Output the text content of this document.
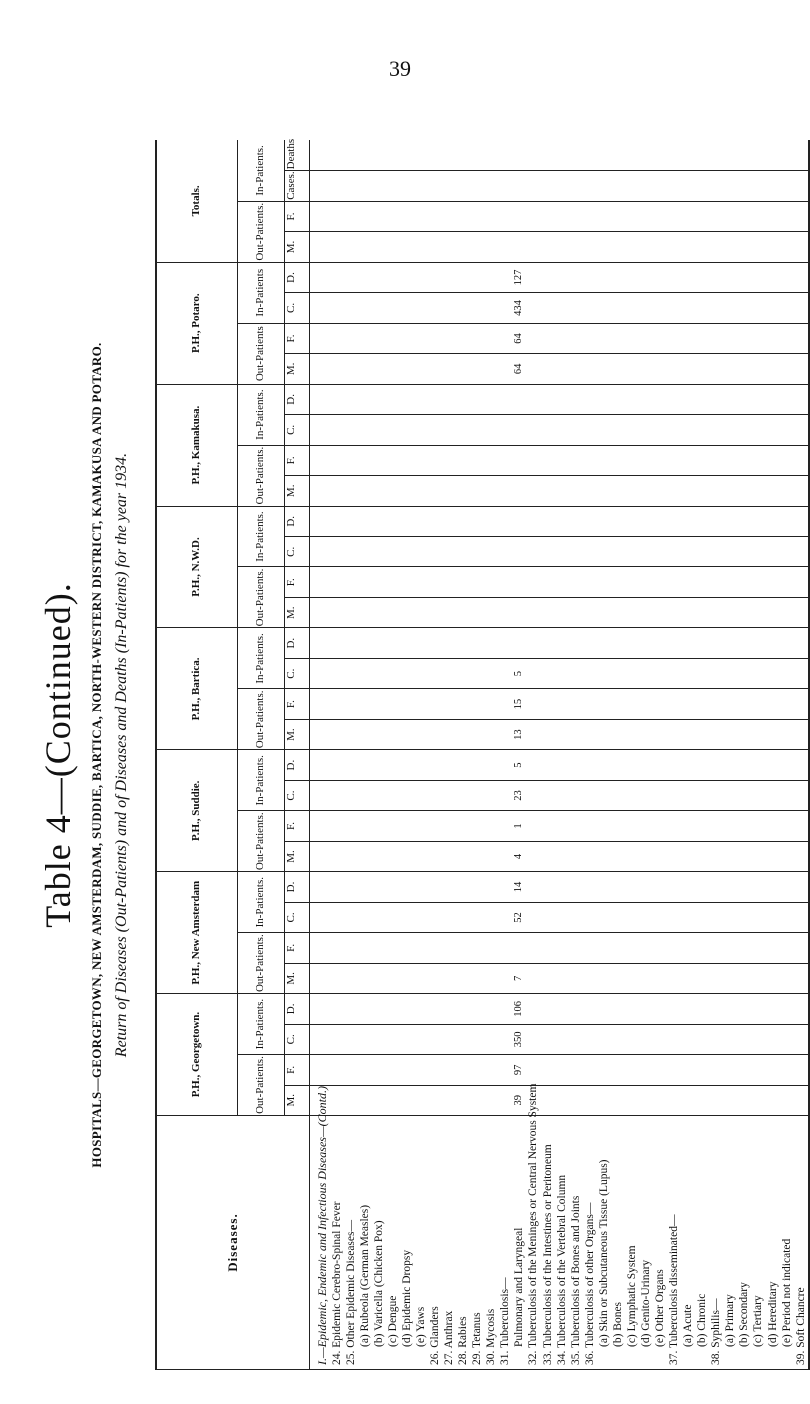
39
Table 4—(Continued). HOSPITALS—GEORGETOWN, NEW AMSTERDAM, SUDDIE, BARTICA, NORTH-WESTERN DISTRICT, KAMAKUSA AND POTARO. Return of Diseases (Out-Patients) and of Diseases and Deaths (In-Patients) for the year 1934.
Diseases.	P.H., Georgetown.				P.H., New Amsterdam				P.H., Suddie.				P.H., Bartica.				P.H., N.W.D.				P.H., Kamakusa.				P.H., Potaro.				Totals.			
	Out-Patients.		In-Patients.		Out-Patients.		In-Patients.		Out-Patients.		In-Patients.		Out-Patients.		In-Patients.		Out-Patients.		In-Patients.		Out-Patients.		In-Patients.		Out-Patients		In-Patients		Out-Patients.		In-Patients.	
	M.	F.	C.	D.	M.	F.	C.	D.	M.	F.	C.	D.	M.	F.	C.	D.	M.	F.	C.	D.	M.	F.	C.	D.	M.	F.	C.	D.	M.	F.	Cases.	Deaths
I.—Epidemic, Endemic and Infectious Diseases—(Contd.)																																
24. Epidemic Cerebro-Spinal Fever																																
25. Other Epidemic Diseases—																																
(a) Rubeola (German Measles)																																
(b) Varicella (Chicken Pox)																																
(c) Dengue																																
(d) Epidemic Dropsy																																
(e) Yaws																																
26. Glanders																																
27. Anthrax																																
28. Rabies																																
29. Tetanus																																
30. Mycosis																																
31. Tuberculosis—																																
Pulmonary and Laryngeal	39	97	350	106	7		52	14	4	1	23	5	13	15	5										64	64	434	127				
32. Tuberculosis of the Meninges or Central Nervous System																																
33. Tuberculosis of the Intestines or Peritoneum																																
34. Tuberculosis of the Vertebral Column																																
35. Tuberculosis of Bones and Joints																																
36. Tuberculosis of other Organs—																																
(a) Skin or Subcutaneous Tissue (Lupus)																																
(b) Bones																																
(c) Lymphatic System																																
(d) Genito-Urinary																																
(e) Other Organs																																
37. Tuberculosis disseminated—																																
(a) Acute																																
(b) Chronic																																
38. Syphilis—																																
(a) Primary																																
(b) Secondary																																
(c) Tertiary																																
(d) Hereditary																																
(e) Period not indicated																																
39. Soft Chancre																																
